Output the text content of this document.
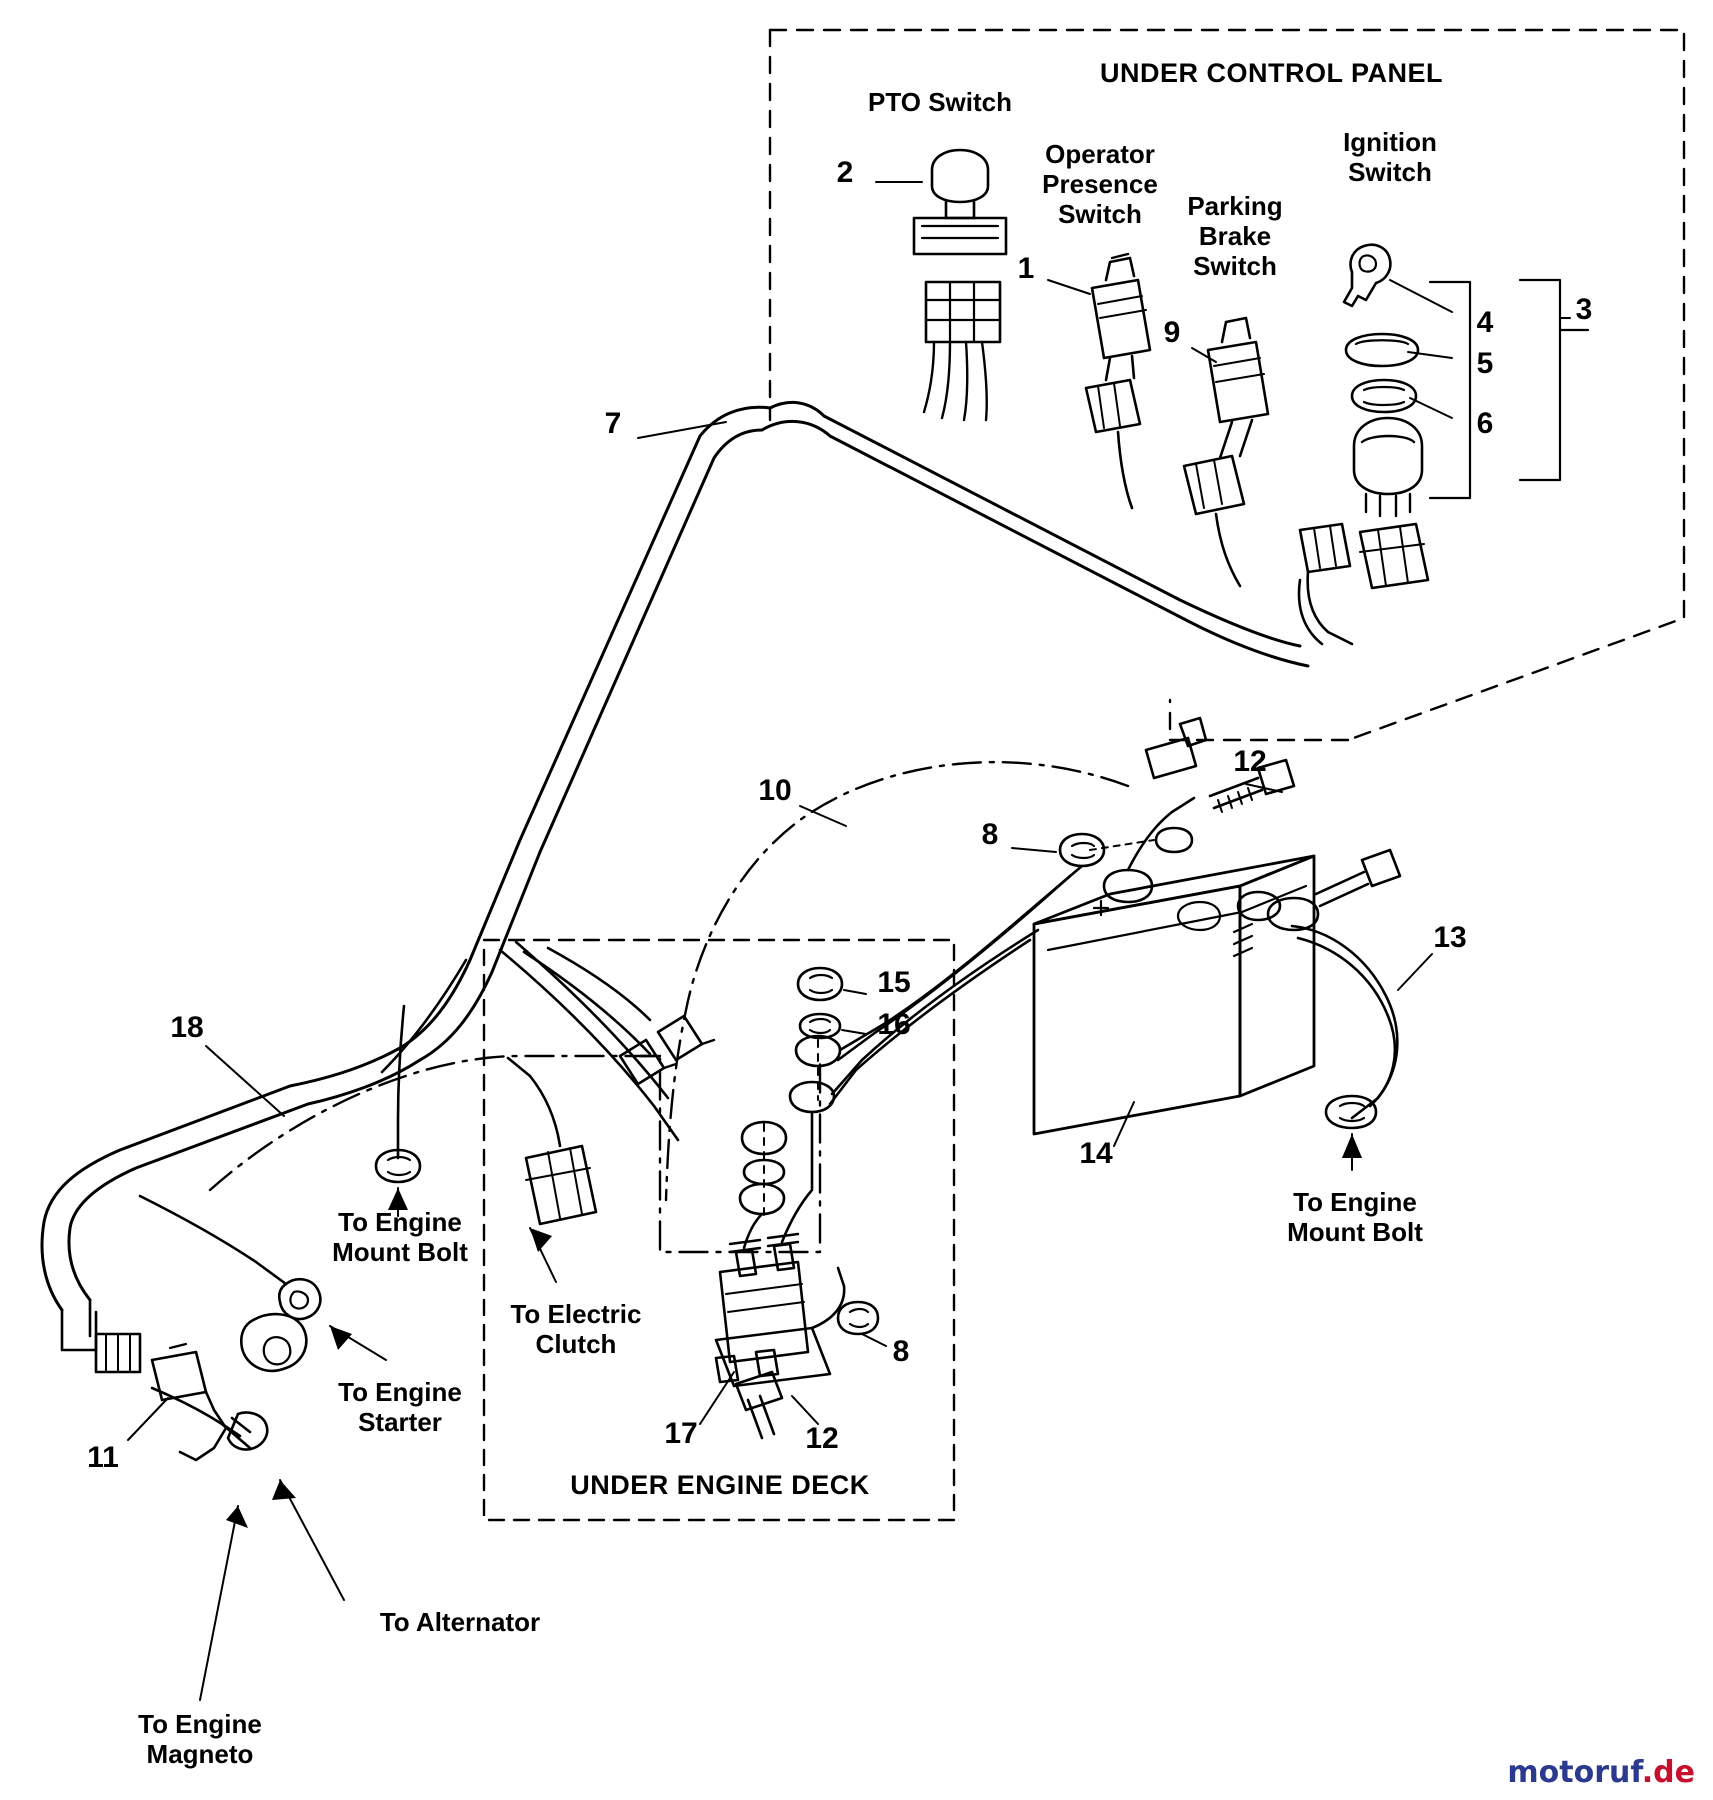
UNDER CONTROL PANEL
UNDER ENGINE DECK
PTO Switch
Operator
Presence
Switch	Parking
Brake
Switch
Ignition
Switch
To Engine
Mount Bolt
To Engine
Mount Bolt
To Electric
Clutch
To Engine
Starter
To Alternator
To Engine
Magneto
1
2
3
4
5
6
7
8
8
9
10
11
12
12
13
14
15
16
17
18
motoruf.de
